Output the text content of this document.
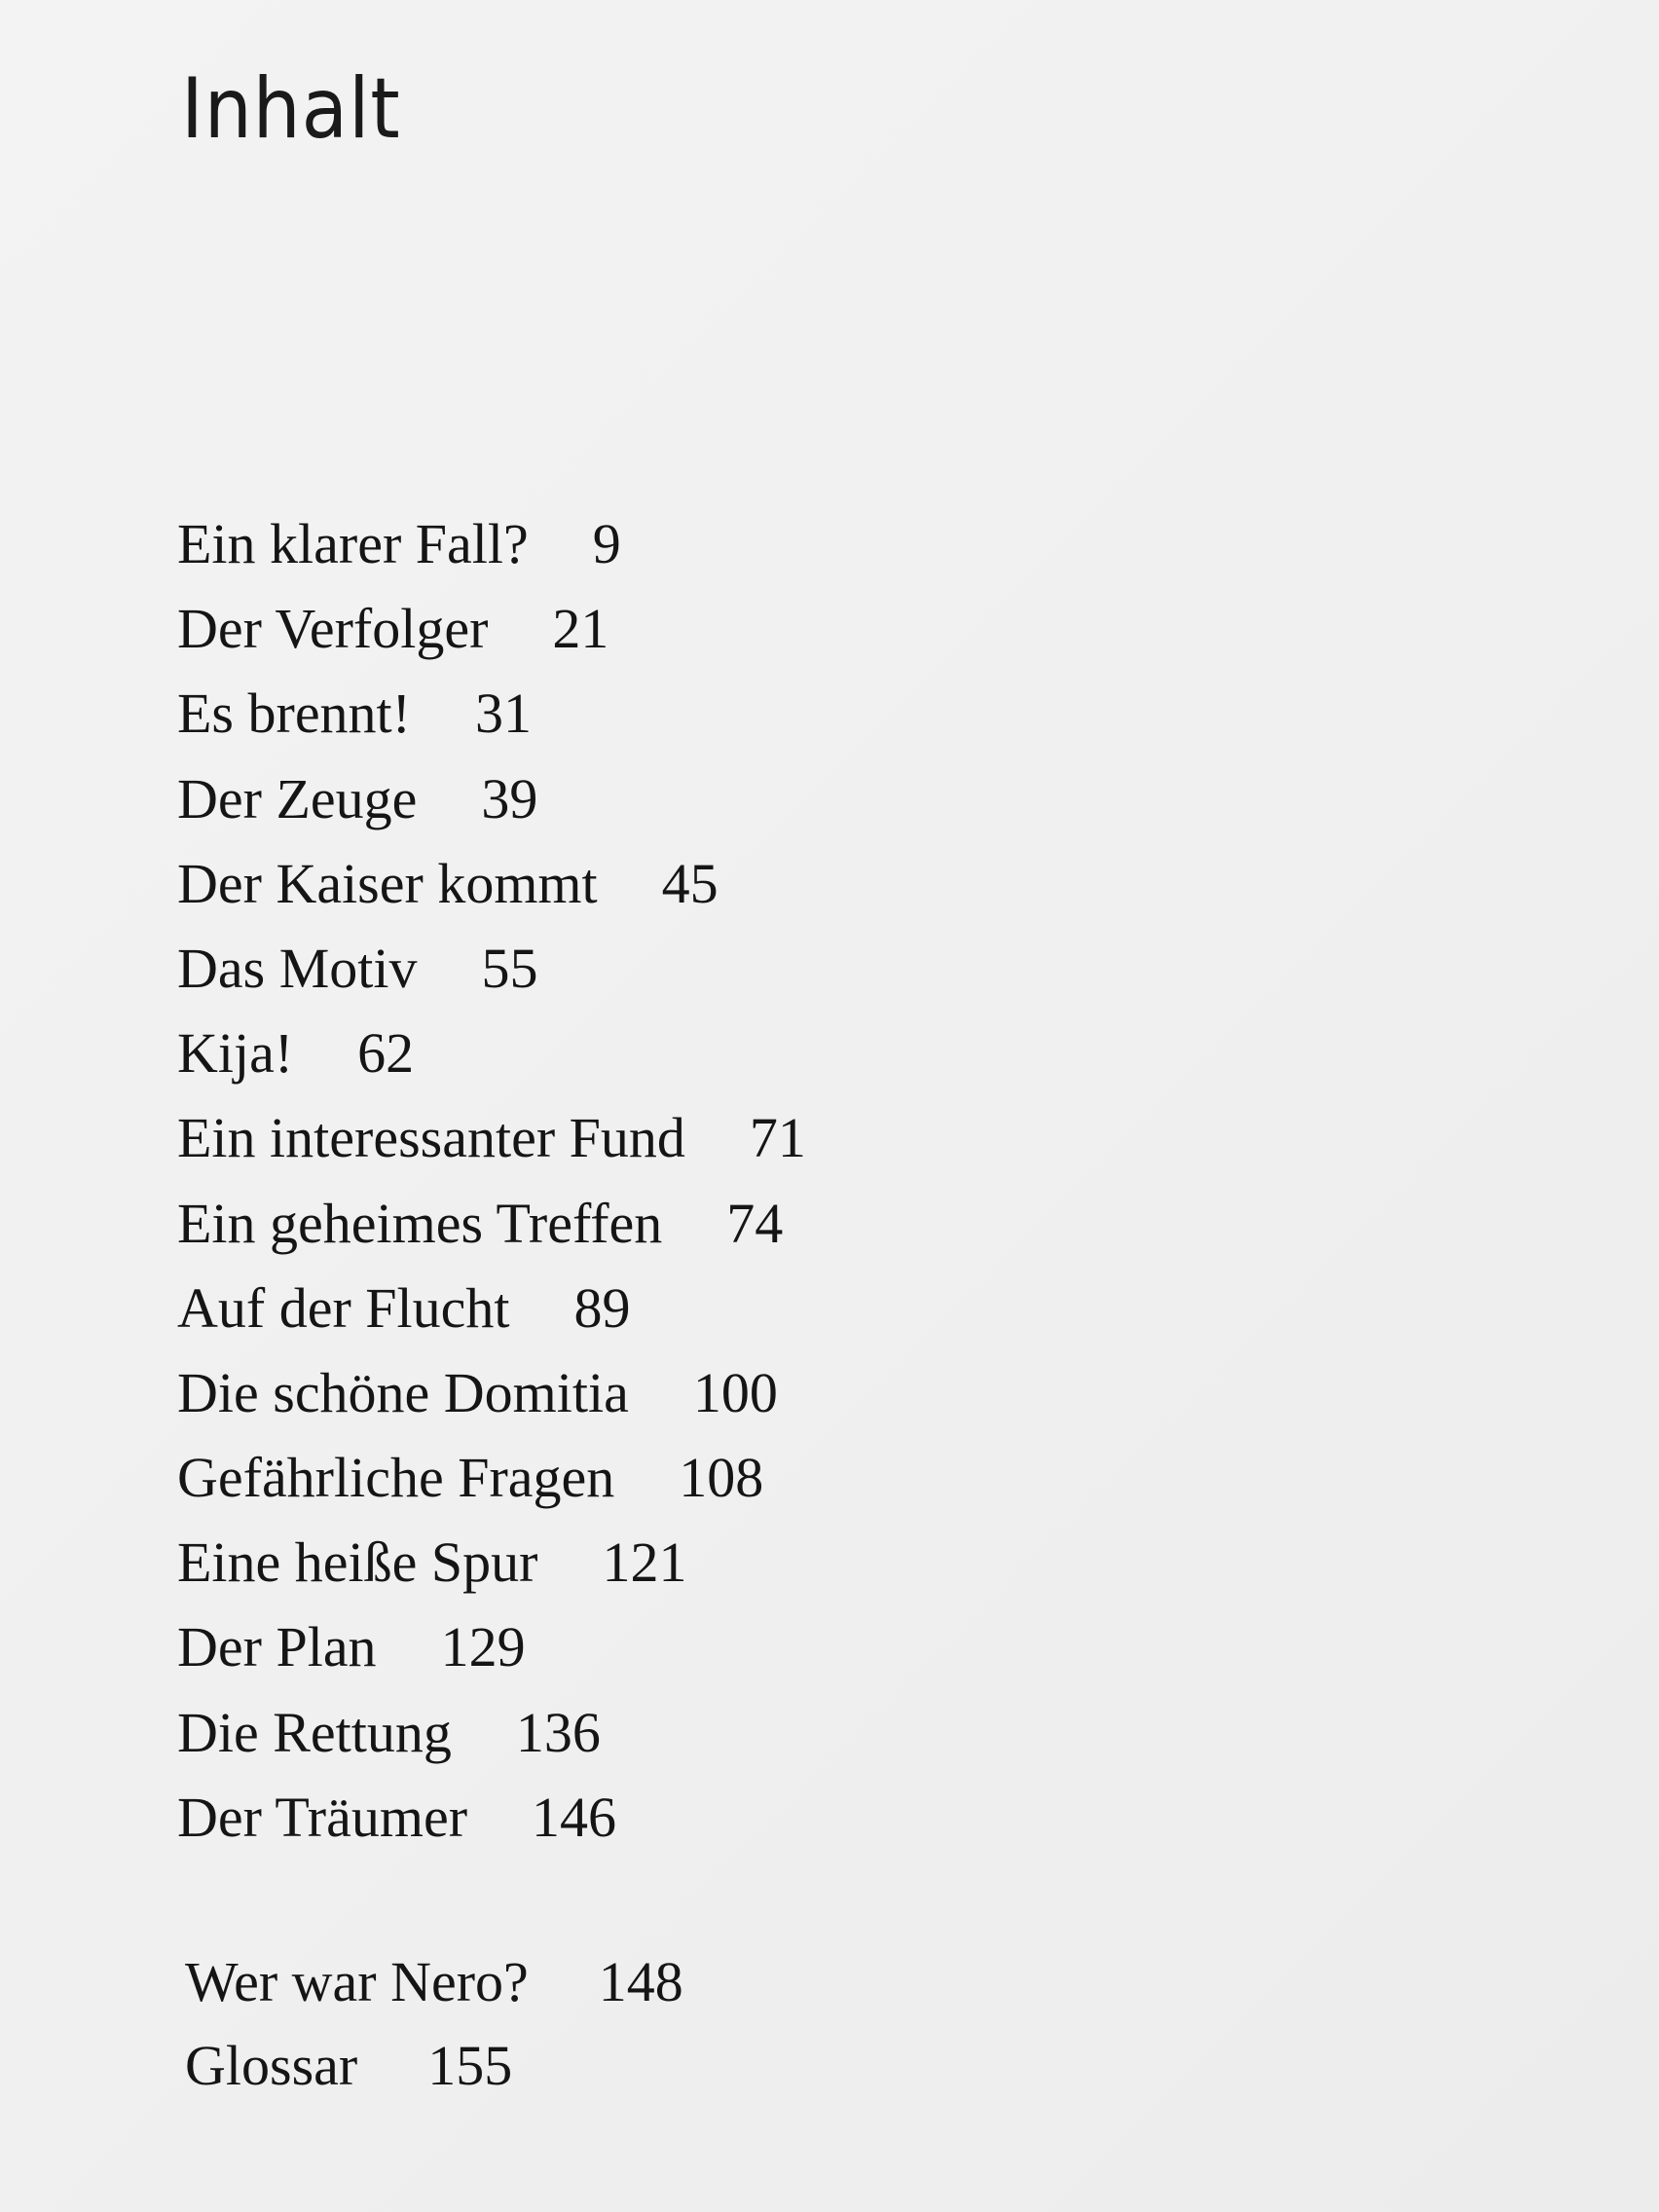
Inhalt
Ein klarer Fall? 9
Der Verfolger 21
Es brennt! 31
Der Zeuge 39
Der Kaiser kommt 45
Das Motiv 55
Kija! 62
Ein interessanter Fund 71
Ein geheimes Treffen 74
Auf der Flucht 89
Die schöne Domitia 100
Gefährliche Fragen 108
Eine heiße Spur 121
Der Plan 129
Die Rettung 136
Der Träumer 146
Wer war Nero? 148
Glossar 155
